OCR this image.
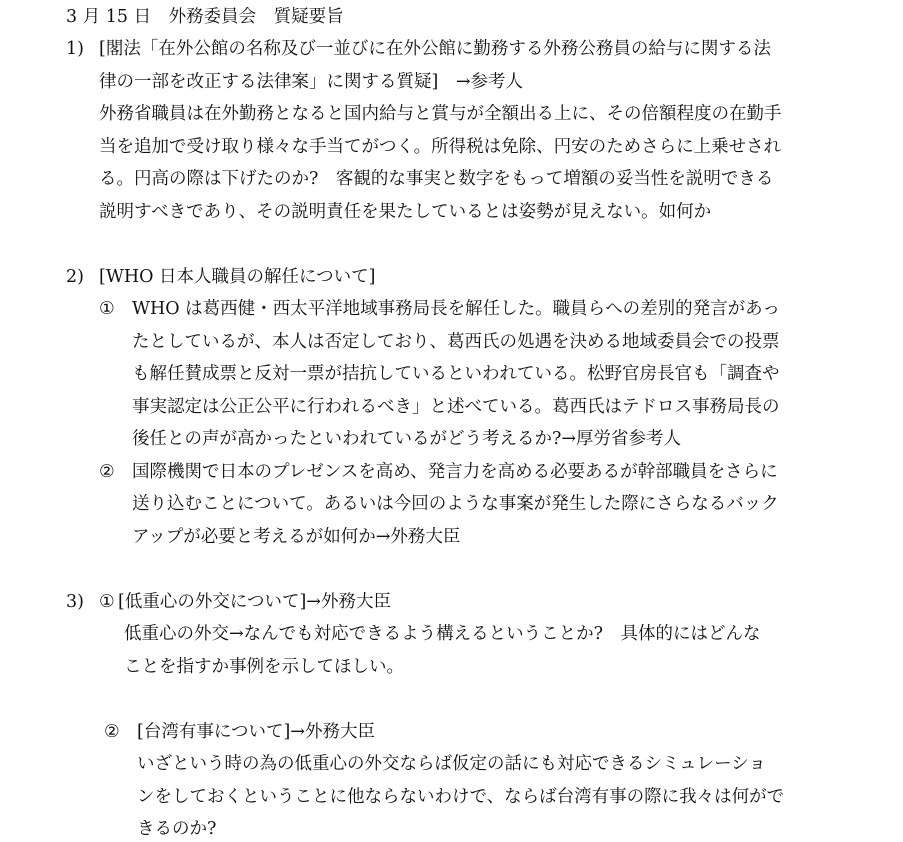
3 月 15 日　外務委員会　質疑要旨
1) [閣法「在外公館の名称及び一並びに在外公館に勤務する外務公務員の給与に関する法
律の一部を改正する法律案」に関する質疑]　→参考人
外務省職員は在外勤務となると国内給与と賞与が全額出る上に、その倍額程度の在勤手
当を追加で受け取り様々な手当てがつく。所得税は免除、円安のためさらに上乗せされ
る。円高の際は下げたのか?　客観的な事実と数字をもって増額の妥当性を説明できる
説明すべきであり、その説明責任を果たしているとは姿勢が見えない。如何か
2) [WHO 日本人職員の解任について]
① WHO は葛西健・西太平洋地域事務局長を解任した。職員らへの差別的発言があっ
たとしているが、本人は否定しており、葛西氏の処遇を決める地域委員会での投票
も解任賛成票と反対一票が拮抗しているといわれている。松野官房長官も「調査や
事実認定は公正公平に行われるべき」と述べている。葛西氏はテドロス事務局長の
後任との声が高かったといわれているがどう考えるか?→厚労省参考人
② 国際機関で日本のプレゼンスを高め、発言力を高める必要あるが幹部職員をさらに
送り込むことについて。あるいは今回のような事案が発生した際にさらなるバック
アップが必要と考えるが如何か→外務大臣
3) ① [低重心の外交について]→外務大臣
低重心の外交→なんでも対応できるよう構えるということか?　具体的にはどんな
ことを指すか事例を示してほしい。
② [台湾有事について]→外務大臣
いざという時の為の低重心の外交ならば仮定の話にも対応できるシミュレーショ
ンをしておくということに他ならないわけで、ならば台湾有事の際に我々は何がで
きるのか?
